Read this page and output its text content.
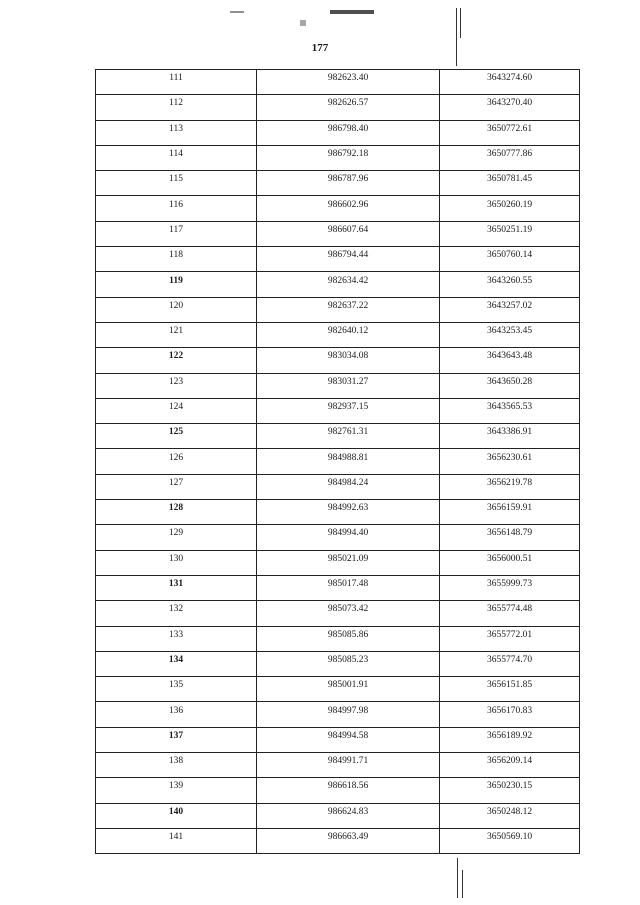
177
111	982623.40	3643274.60
112	982626.57	3643270.40
113	986798.40	3650772.61
114	986792.18	3650777.86
115	986787.96	3650781.45
116	986602.96	3650260.19
117	986607.64	3650251.19
118	986794.44	3650760.14
119	982634.42	3643260.55
120	982637.22	3643257.02
121	982640.12	3643253.45
122	983034.08	3643643.48
123	983031.27	3643650.28
124	982937.15	3643565.53
125	982761.31	3643386.91
126	984988.81	3656230.61
127	984984.24	3656219.78
128	984992.63	3656159.91
129	984994.40	3656148.79
130	985021.09	3656000.51
131	985017.48	3655999.73
132	985073.42	3655774.48
133	985085.86	3655772.01
134	985085.23	3655774.70
135	985001.91	3656151.85
136	984997.98	3656170.83
137	984994.58	3656189.92
138	984991.71	3656209.14
139	986618.56	3650230.15
140	986624.83	3650248.12
141	986663.49	3650569.10
